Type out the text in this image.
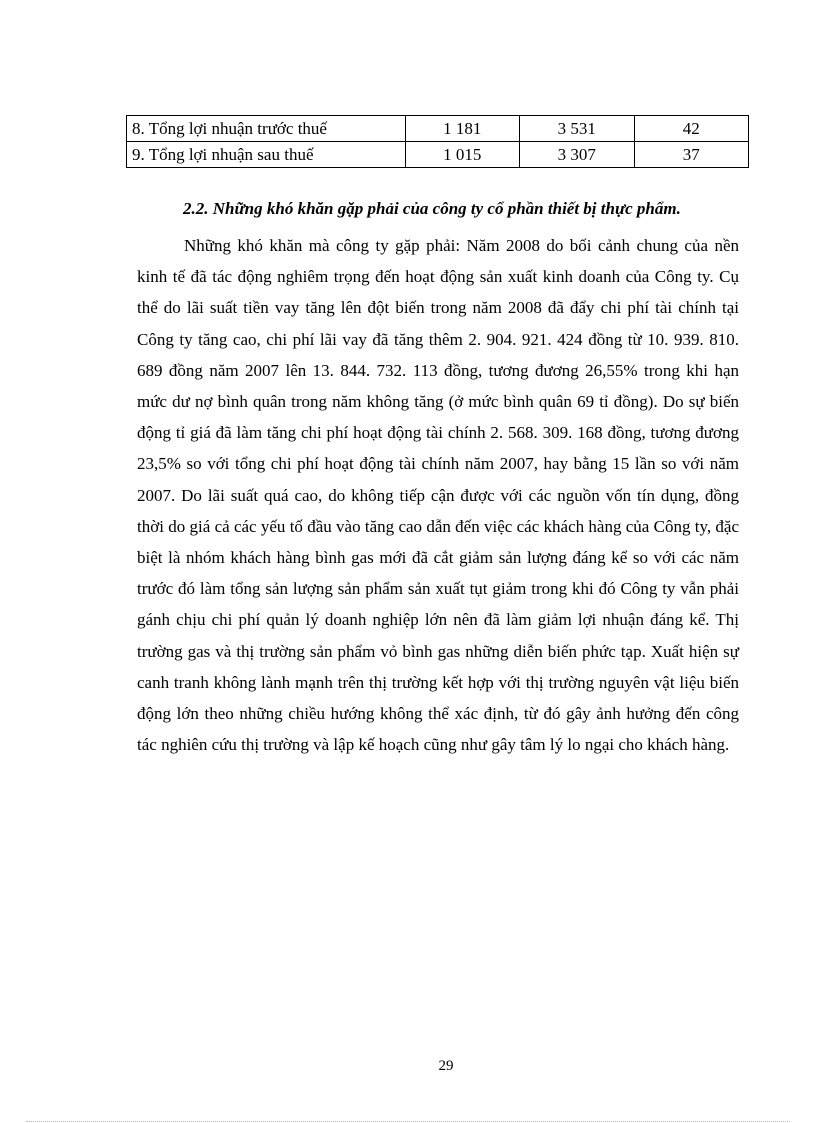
8. Tổng lợi nhuận trước thuế	1 181	3 531	42
9. Tổng lợi nhuận sau thuế	1 015	3 307	37
2.2. Những khó khăn gặp phải của công ty cổ phần thiết bị thực phẩm.

Những khó khăn mà công ty gặp phải: Năm 2008 do bối cảnh chung của nền kinh tế đã tác động nghiêm trọng đến hoạt động sản xuất kinh doanh của Công ty. Cụ thể do lãi suất tiền vay tăng lên đột biến trong năm 2008 đã đẩy chi phí tài chính tại Công ty tăng cao, chi phí lãi vay đã tăng thêm 2. 904. 921. 424 đồng từ 10. 939. 810. 689 đồng năm 2007 lên 13. 844. 732. 113 đồng, tương đương 26,55% trong khi hạn mức dư nợ bình quân trong năm không tăng (ở mức bình quân 69 tỉ đồng). Do sự biến động tỉ giá đã làm tăng chi phí hoạt động tài chính 2. 568. 309. 168 đồng, tương đương 23,5% so với tổng chi phí hoạt động tài chính năm 2007, hay bằng 15 lần so với năm 2007. Do lãi suất quá cao, do không tiếp cận được với các nguồn vốn tín dụng, đồng thời do giá cả các yếu tố đầu vào tăng cao dẫn đến việc các khách hàng của Công ty, đặc biệt là nhóm khách hàng bình gas mới đã cắt giảm sản lượng đáng kể so với các năm trước đó làm tổng sản lượng sản phẩm sản xuất tụt giảm trong khi đó Công ty vẫn phải gánh chịu chi phí quản lý doanh nghiệp lớn nên đã làm giảm lợi nhuận đáng kể. Thị trường gas và thị trường sản phẩm vỏ bình gas những diễn biến phức tạp. Xuất hiện sự canh tranh không lành mạnh trên thị trường kết hợp với thị trường nguyên vật liệu biến động lớn theo những chiều hướng không thể xác định, từ đó gây ảnh hưởng đến công tác nghiên cứu thị trường và lập kế hoạch cũng như gây tâm lý lo ngại cho khách hàng.

29
